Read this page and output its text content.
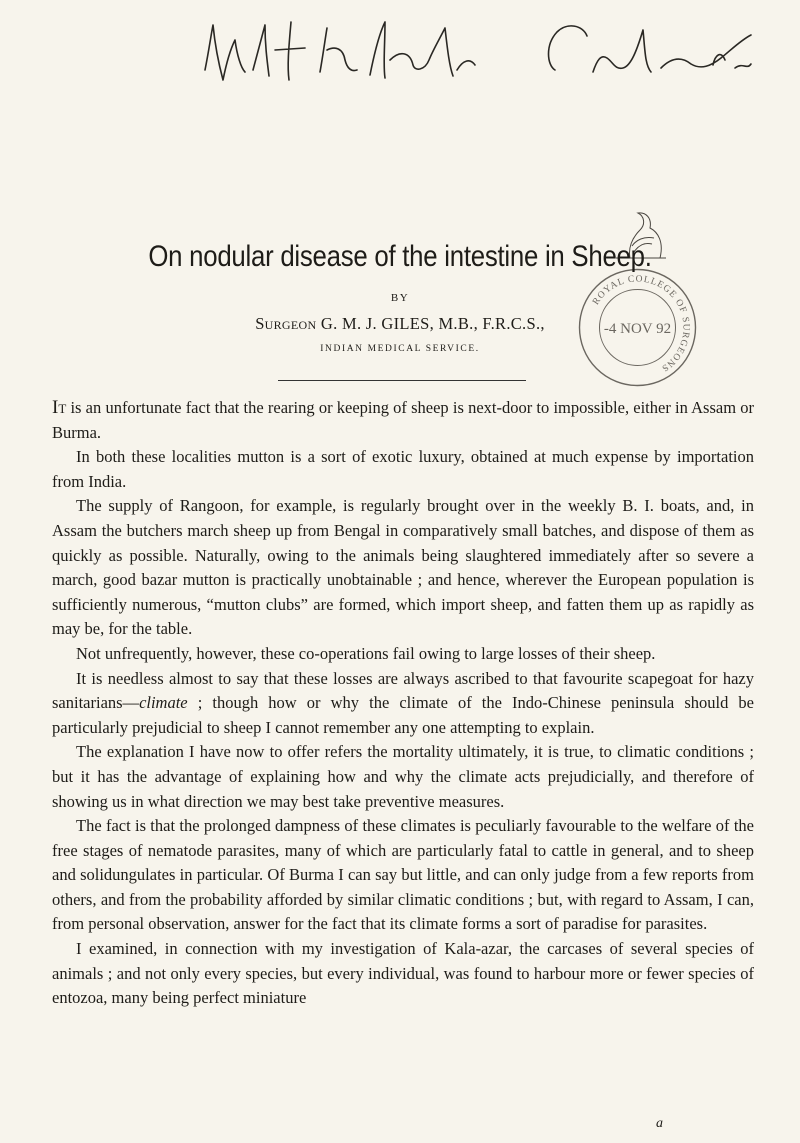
ROYAL COLLEGE OF SURGEONS
-4 NOV 92
On nodular disease of the intestine in Sheep.
BY
Surgeon G. M. J. GILES, M.B., F.R.C.S.,
INDIAN MEDICAL SERVICE.

It is an unfortunate fact that the rearing or keeping of sheep is next-door to impossible, either in Assam or Burma.

In both these localities mutton is a sort of exotic luxury, obtained at much expense by importation from India.

The supply of Rangoon, for example, is regularly brought over in the weekly B. I. boats, and, in Assam the butchers march sheep up from Bengal in comparatively small batches, and dispose of them as quickly as possible. Naturally, owing to the animals being slaughtered immediately after so severe a march, good bazar mutton is practically unobtainable ; and hence, wherever the European population is sufficiently numerous, “mutton clubs” are formed, which import sheep, and fatten them up as rapidly as may be, for the table.

Not unfrequently, however, these co-operations fail owing to large losses of their sheep.

It is needless almost to say that these losses are always ascribed to that favourite scapegoat for hazy sanitarians—climate ; though how or why the climate of the Indo-Chinese peninsula should be particularly prejudicial to sheep I cannot remember any one attempting to explain.

The explanation I have now to offer refers the mortality ultimately, it is true, to climatic conditions ; but it has the advantage of explaining how and why the climate acts prejudicially, and therefore of showing us in what direction we may best take preventive measures.

The fact is that the prolonged dampness of these climates is peculiarly favourable to the welfare of the free stages of nematode parasites, many of which are particularly fatal to cattle in general, and to sheep and solidungulates in particular. Of Burma I can say but little, and can only judge from a few reports from others, and from the probability afforded by similar climatic conditions ; but, with regard to Assam, I can, from personal observation, answer for the fact that its climate forms a sort of paradise for parasites.

I examined, in connection with my investigation of Kala-azar, the carcases of several species of animals ; and not only every species, but every individual, was found to harbour more or fewer species of entozoa, many being perfect miniature

a
